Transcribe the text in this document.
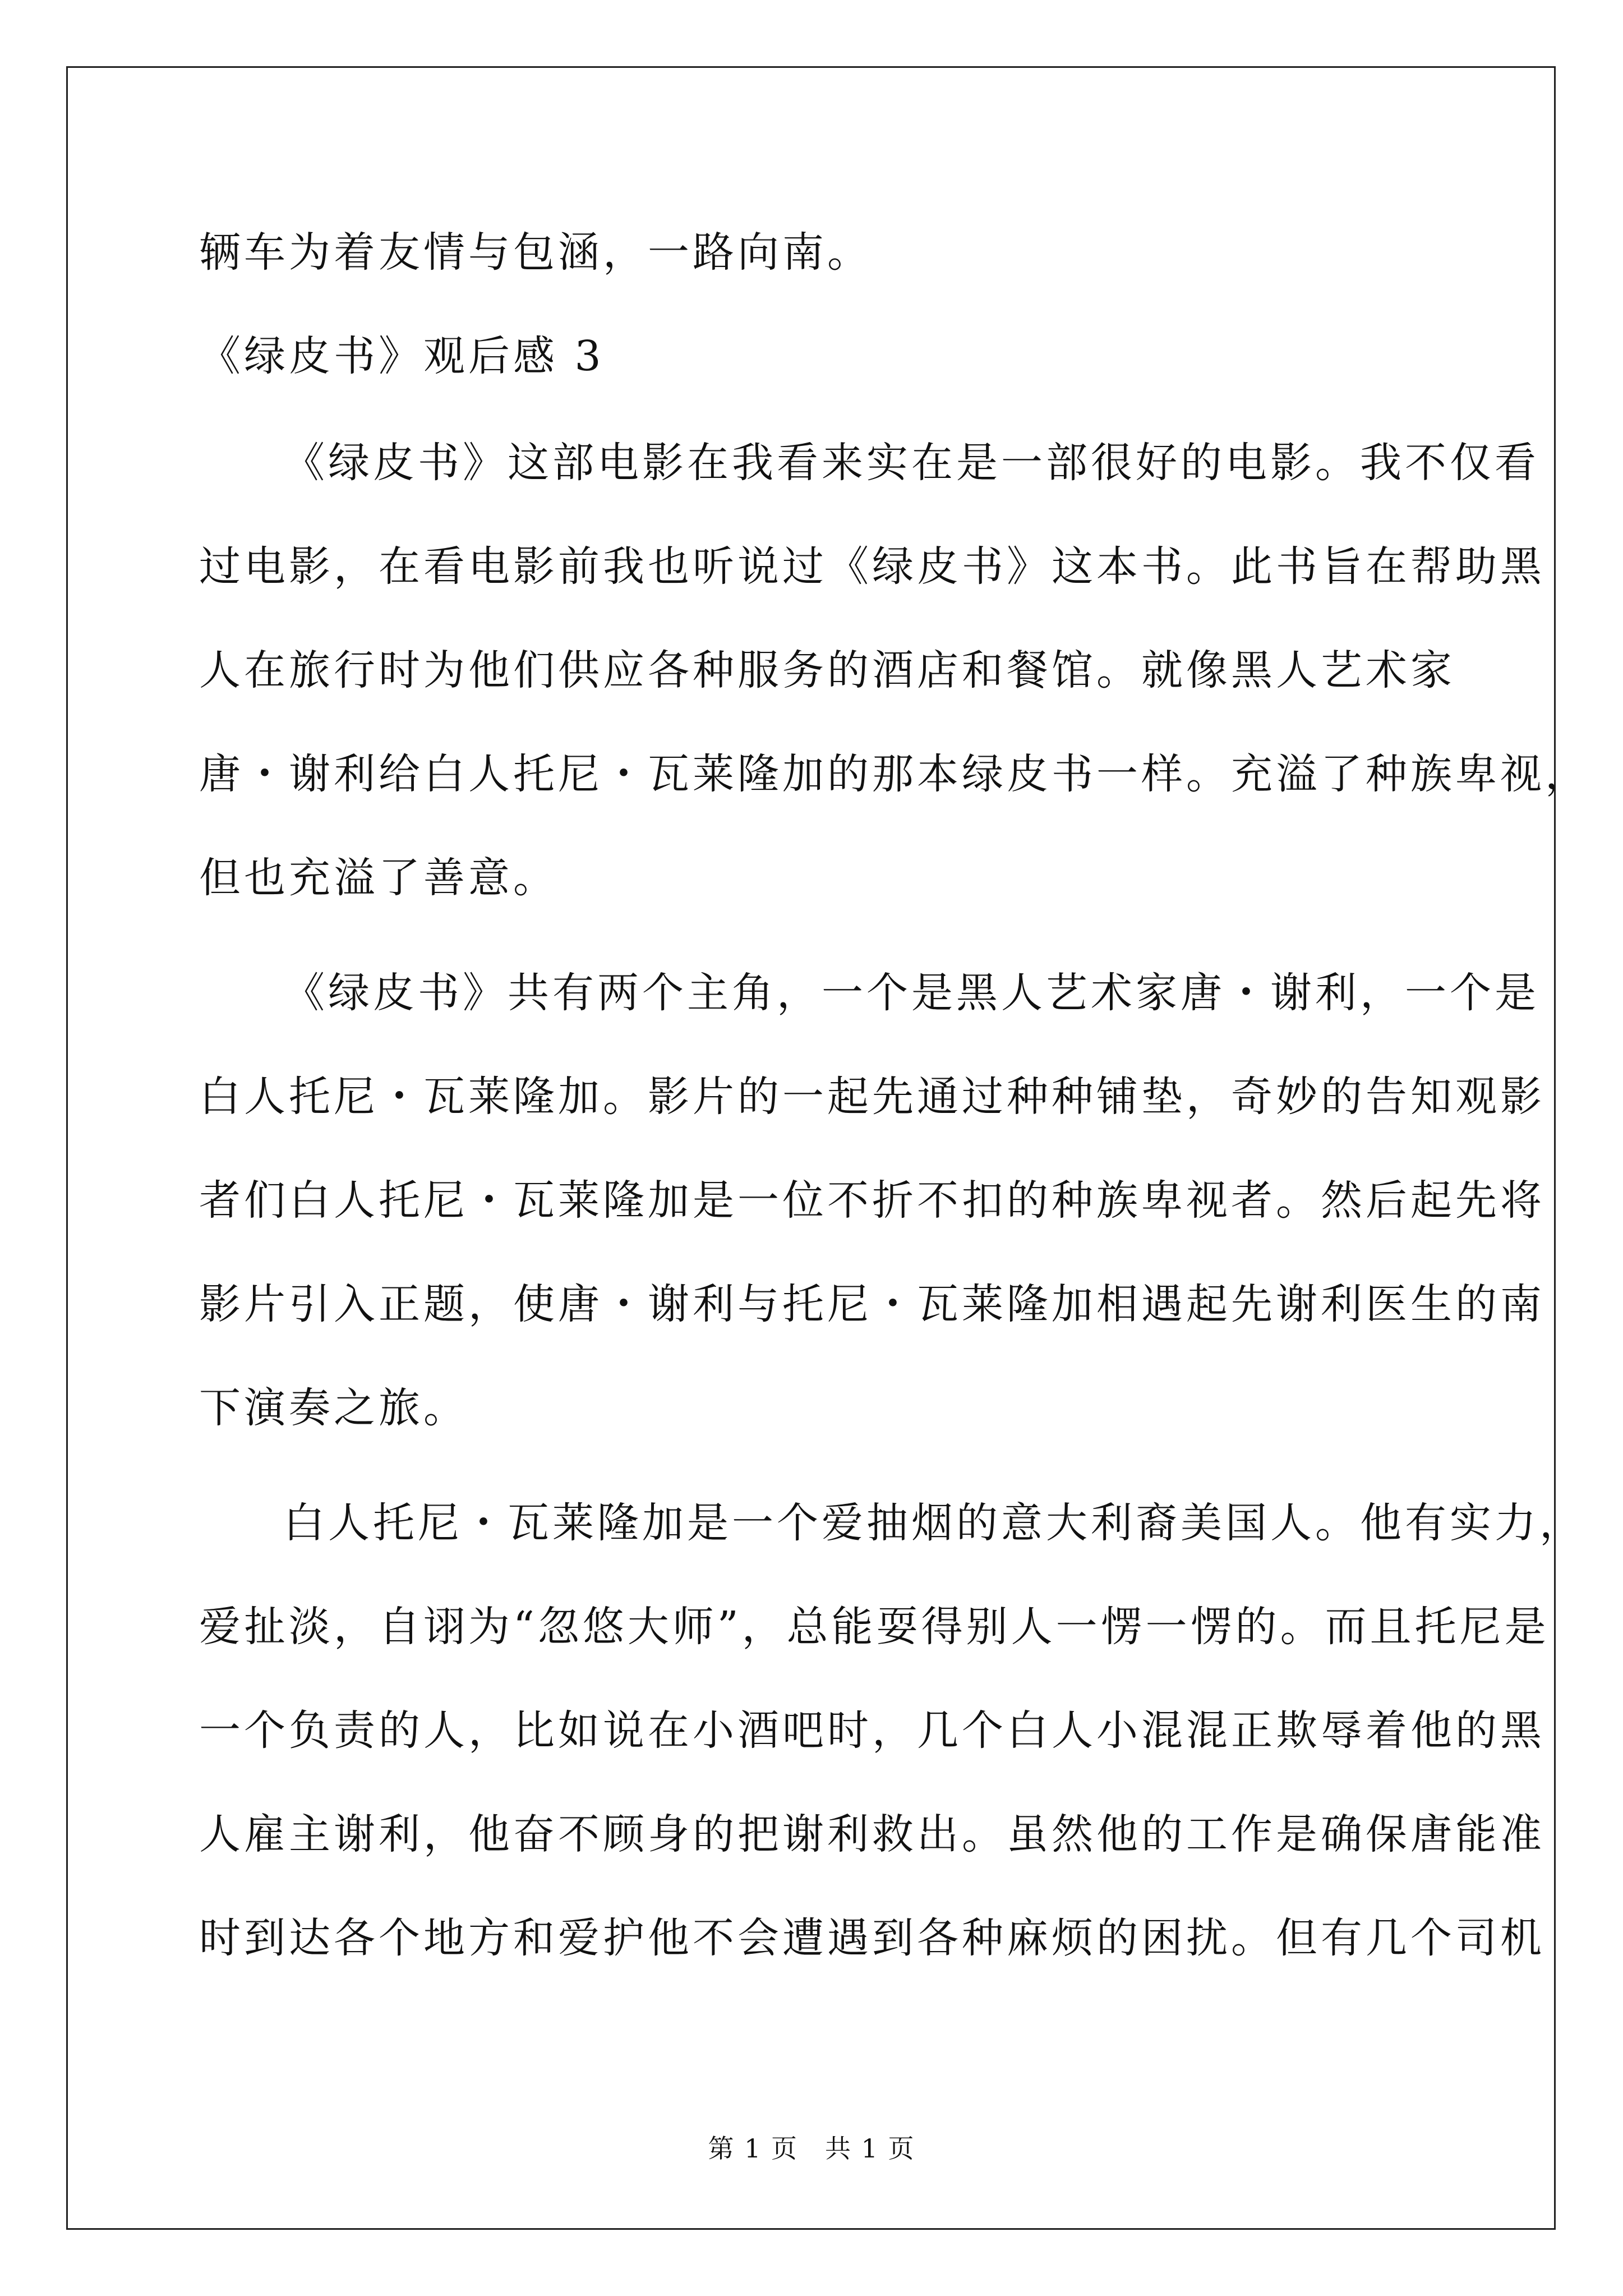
辆车为着友情与包涵，一路向南。
《绿皮书》观后感 3
《绿皮书》这部电影在我看来实在是一部很好的电影。我不仅看
过电影，在看电影前我也听说过《绿皮书》这本书。此书旨在帮助黑
人在旅行时为他们供应各种服务的酒店和餐馆。就像黑人艺术家
唐・谢利给白人托尼・瓦莱隆加的那本绿皮书一样。充溢了种族卑视，
但也充溢了善意。
《绿皮书》共有两个主角，一个是黑人艺术家唐・谢利，一个是
白人托尼・瓦莱隆加。影片的一起先通过种种铺垫，奇妙的告知观影
者们白人托尼・瓦莱隆加是一位不折不扣的种族卑视者。然后起先将
影片引入正题，使唐・谢利与托尼・瓦莱隆加相遇起先谢利医生的南
下演奏之旅。
白人托尼・瓦莱隆加是一个爱抽烟的意大利裔美国人。他有实力，
爱扯淡，自诩为“忽悠大师”，总能耍得别人一愣一愣的。而且托尼是
一个负责的人，比如说在小酒吧时，几个白人小混混正欺辱着他的黑
人雇主谢利，他奋不顾身的把谢利救出。虽然他的工作是确保唐能准
时到达各个地方和爱护他不会遭遇到各种麻烦的困扰。但有几个司机
第 1 页　共 1 页
